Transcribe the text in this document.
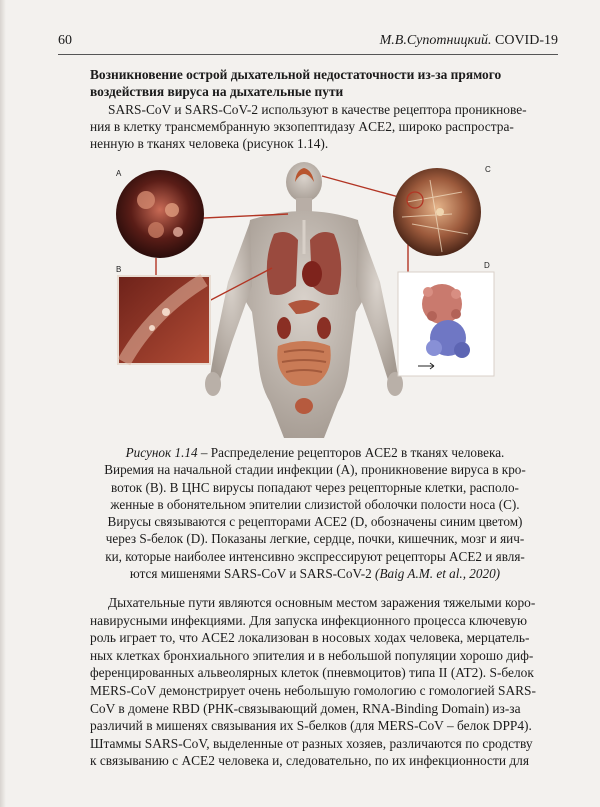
60	М.В.Супотницкий. COVID-19
Возникновение острой дыхательной недостаточности из-за прямого
воздействия вируса на дыхательные пути
SARS-CoV и SARS-CoV-2 используют в качестве рецептора проникнове-
ния в клетку трансмембранную экзопептидазу ACE2, широко распростра-
ненную в тканях человека (рисунок 1.14).
A
B
C
D
Рисунок 1.14 – Распределение рецепторов ACE2 в тканях человека.
Виремия на начальной стадии инфекции (A), проникновение вируса в кро-
воток (B). В ЦНС вирусы попадают через рецепторные клетки, располо-
женные в обонятельном эпителии слизистой оболочки полости носа (C).
Вирусы связываются с рецепторами ACE2 (D, обозначены синим цветом)
через S-белок (D). Показаны легкие, сердце, почки, кишечник, мозг и яич-
ки, которые наиболее интенсивно экспрессируют рецепторы ACE2 и явля-
ются мишенями SARS-CoV и SARS-CoV-2 (Baig A.M. et al., 2020)
Дыхательные пути являются основным местом заражения тяжелыми коро-
навирусными инфекциями. Для запуска инфекционного процесса ключевую
роль играет то, что ACE2 локализован в носовых ходах человека, мерцатель-
ных клетках бронхиального эпителия и в небольшой популяции хорошо диф-
ференцированных альвеолярных клеток (пневмоцитов) типа II (AT2). S-белок
MERS-CoV демонстрирует очень небольшую гомологию с гомологией SARS-
CoV в домене RBD (РНК-связывающий домен, RNA-Binding Domain) из-за
различий в мишенях связывания их S-белков (для MERS-CoV – белок DPP4).
Штаммы SARS-CoV, выделенные от разных хозяев, различаются по сродству
к связыванию с ACE2 человека и, следовательно, по их инфекционности для
